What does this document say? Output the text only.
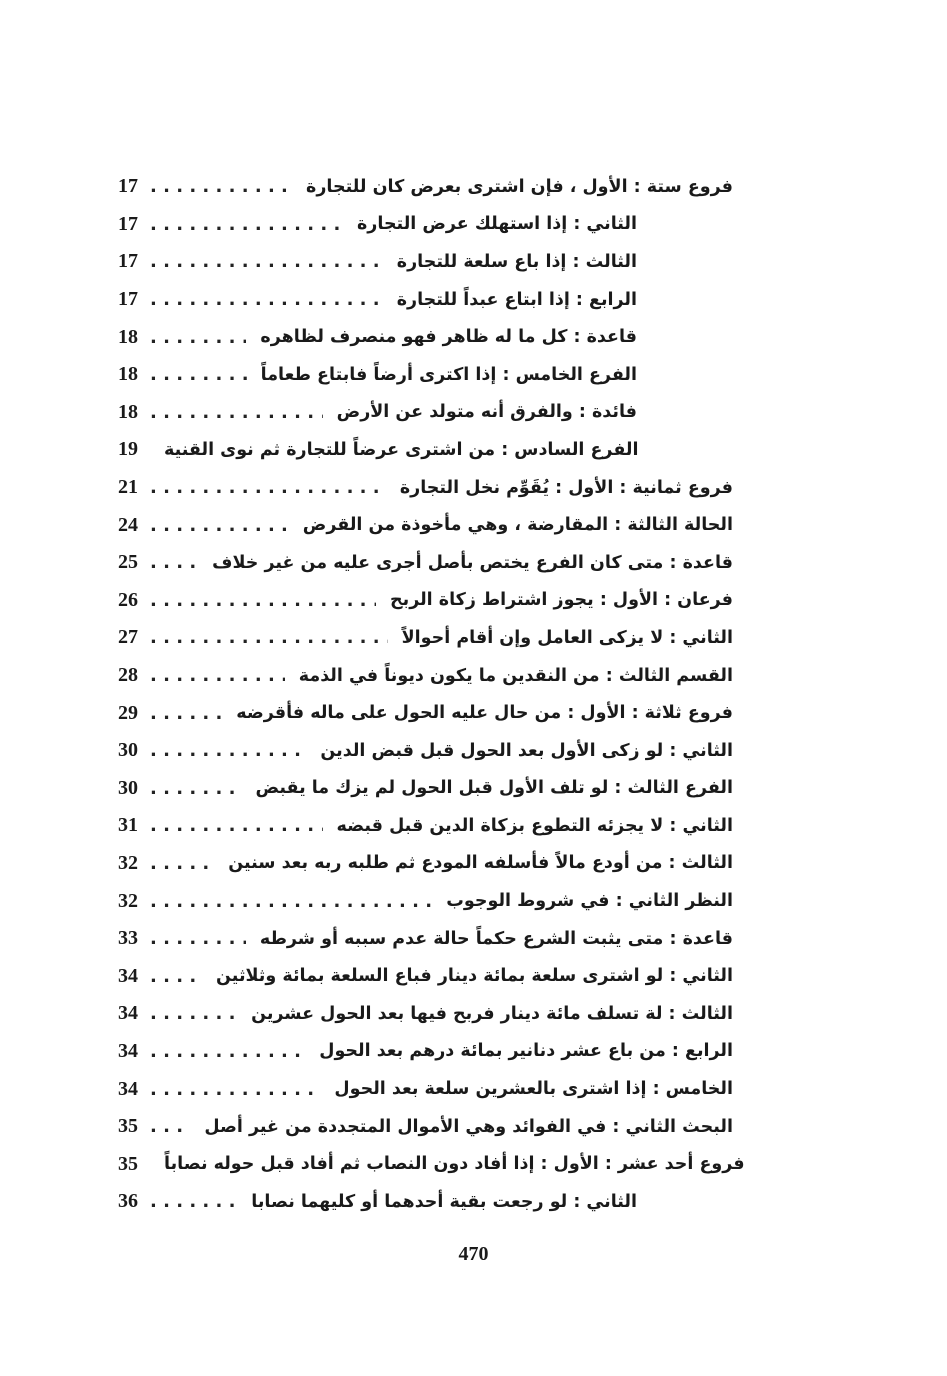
17 . . .	فروع ستة : الأول ، فإن اشترى بعرض كان للتجارة
17 . . .	الثاني : إذا استهلك عرض التجارة
17 . . .	الثالث : إذا باع سلعة للتجارة
17 . . .	الرابع : إذا ابتاع عبداً للتجارة
18 . . .	قاعدة : كل ما له ظاهر فهو منصرف لظاهره
18 . . .	الفرع الخامس : إذا اكترى أرضاً فابتاع طعاماً
18 . . .	فائدة : والفرق أنه متولد عن الأرض
19	الفرع السادس : من اشترى عرضاً للتجارة ثم نوى القنية
21 . . .	فروع ثمانية : الأول : يُقَوِّم نخل التجارة
24 . . .	الحالة الثالثة : المقارضة ، وهي مأخوذة من القرض
25 . . .	قاعدة : متى كان الفرع يختص بأصل أجرى عليه من غير خلاف
26 . . .	فرعان : الأول : يجوز اشتراط زكاة الربح
27 . . .	الثاني : لا يزكى العامل وإن أقام أحوالاً
28 . . .	القسم الثالث : من النقدين ما يكون ديوناً في الذمة
29 . . .	فروع ثلاثة : الأول : من حال عليه الحول على ماله فأقرضه
30 . . .	الثاني : لو زكى الأول بعد الحول قبل قبض الدين
30 . . .	الفرع الثالث : لو تلف الأول قبل الحول لم يزك ما يقبض
31 . . .	الثاني : لا يجزئه التطوع بزكاة الدين قبل قبضه
32 . . .	الثالث : من أودع مالاً فأسلفه المودع ثم طلبه ربه بعد سنين
32 . . .	النظر الثاني : في شروط الوجوب
33 . . .	قاعدة : متى يثبت الشرع حكماً حالة عدم سببه أو شرطه
34 . . .	الثاني : لو اشترى سلعة بمائة دينار فباع السلعة بمائة وثلاثين
34 . . .	الثالث : لة تسلف مائة دينار فربح فيها بعد الحول عشرين
34 . . .	الرابع : من باع عشر دنانير بمائة درهم بعد الحول
34 . . .	الخامس : إذا اشترى بالعشرين سلعة بعد الحول
35 . . .	البحث الثاني : في الفوائد وهي الأموال المتجددة من غير أصل
35	فروع أحد عشر : الأول : إذا أفاد دون النصاب ثم أفاد قبل حوله نصاباً
36 . . .	الثاني : لو رجعت بقية أحدهما أو كليهما نصابا
470
